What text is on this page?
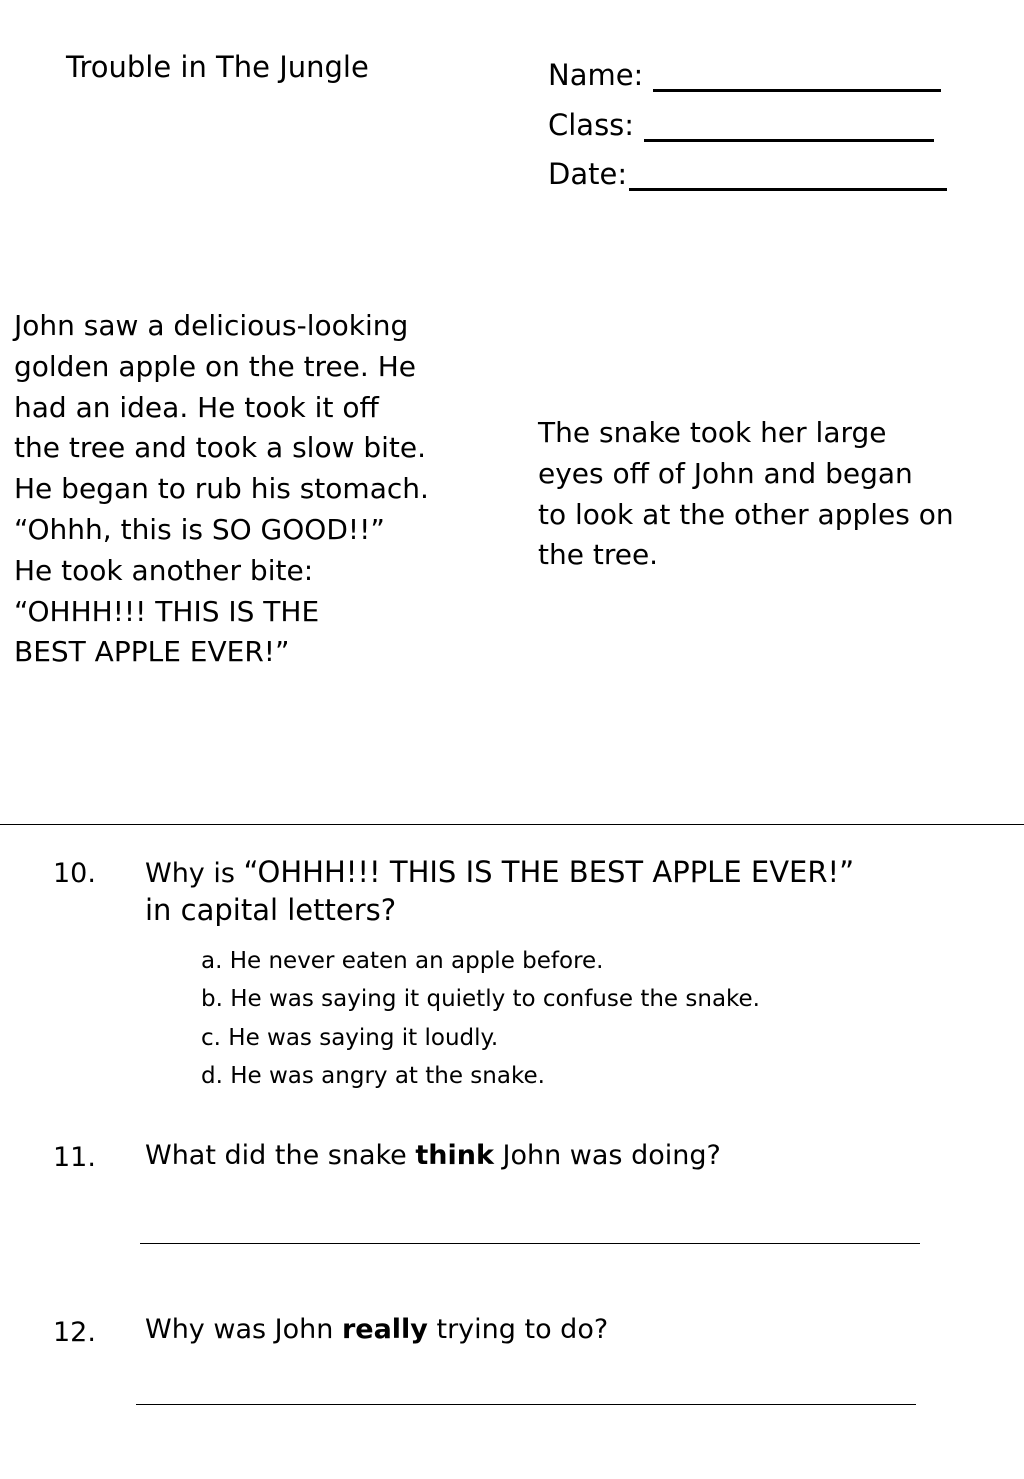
Trouble in The Jungle	Name:
Class:
Date:
John saw a delicious-looking
golden apple on the tree. He
had an idea. He took it off
the tree and took a slow bite.
He began to rub his stomach.
“Ohhh, this is SO GOOD!!”
He took another bite:
“OHHH!!! THIS IS THE
BEST APPLE EVER!”
The snake took her large
eyes off of John and began
to look at the other apples on
the tree.
10. Why is “OHHH!!! THIS IS THE BEST APPLE EVER!”
in capital letters?
a. He never eaten an apple before.
b. He was saying it quietly to confuse the snake.
c. He was saying it loudly.
d. He was angry at the snake.
11. What did the snake think John was doing?
12. Why was John really trying to do?
